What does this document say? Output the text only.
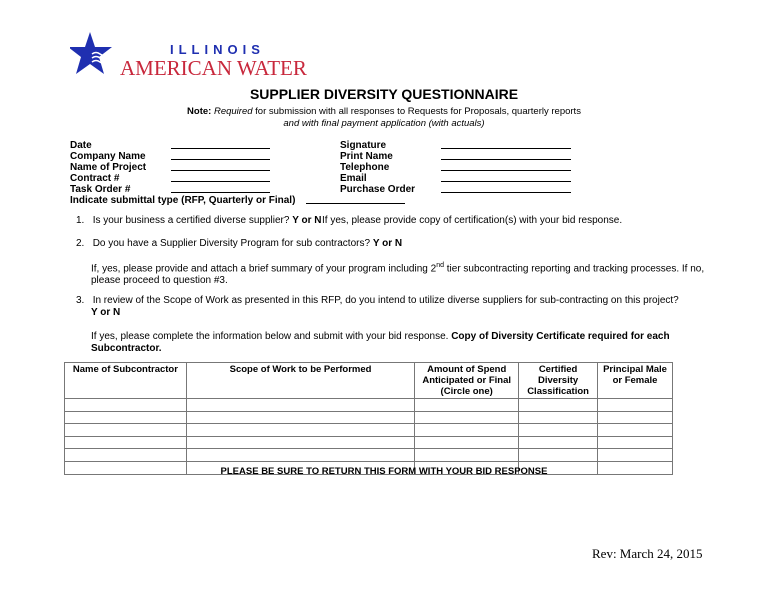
ILLINOIS
AMERICAN WATER
SUPPLIER DIVERSITY QUESTIONNAIRE
Note: Required for submission with all responses to Requests for Proposals, quarterly reports
and with final payment application (with actuals)
Date
Company Name
Name of Project
Contract #
Task Order #
Indicate submittal type (RFP, Quarterly or Final)
Signature
Print Name
Telephone
Email
Purchase Order
1. Is your business a certified diverse supplier? Y or N If yes, please provide copy of certification(s) with your bid response.
2. Do you have a Supplier Diversity Program for sub contractors? Y or N
If, yes, please provide and attach a brief summary of your program including 2nd tier subcontracting reporting and tracking processes. If no,
please proceed to question #3.
3. In review of the Scope of Work as presented in this RFP, do you intend to utilize diverse suppliers for sub-contracting on this project?
Y or N
If yes, please complete the information below and submit with your bid response. Copy of Diversity Certificate required for each
Subcontractor.
Name of Subcontractor	Scope of Work to be Performed	Amount of Spend Anticipated or Final (Circle one)	Certified Diversity Classification	Principal Male or Female

PLEASE BE SURE TO RETURN THIS FORM WITH YOUR BID RESPONSE
Rev: March 24, 2015
